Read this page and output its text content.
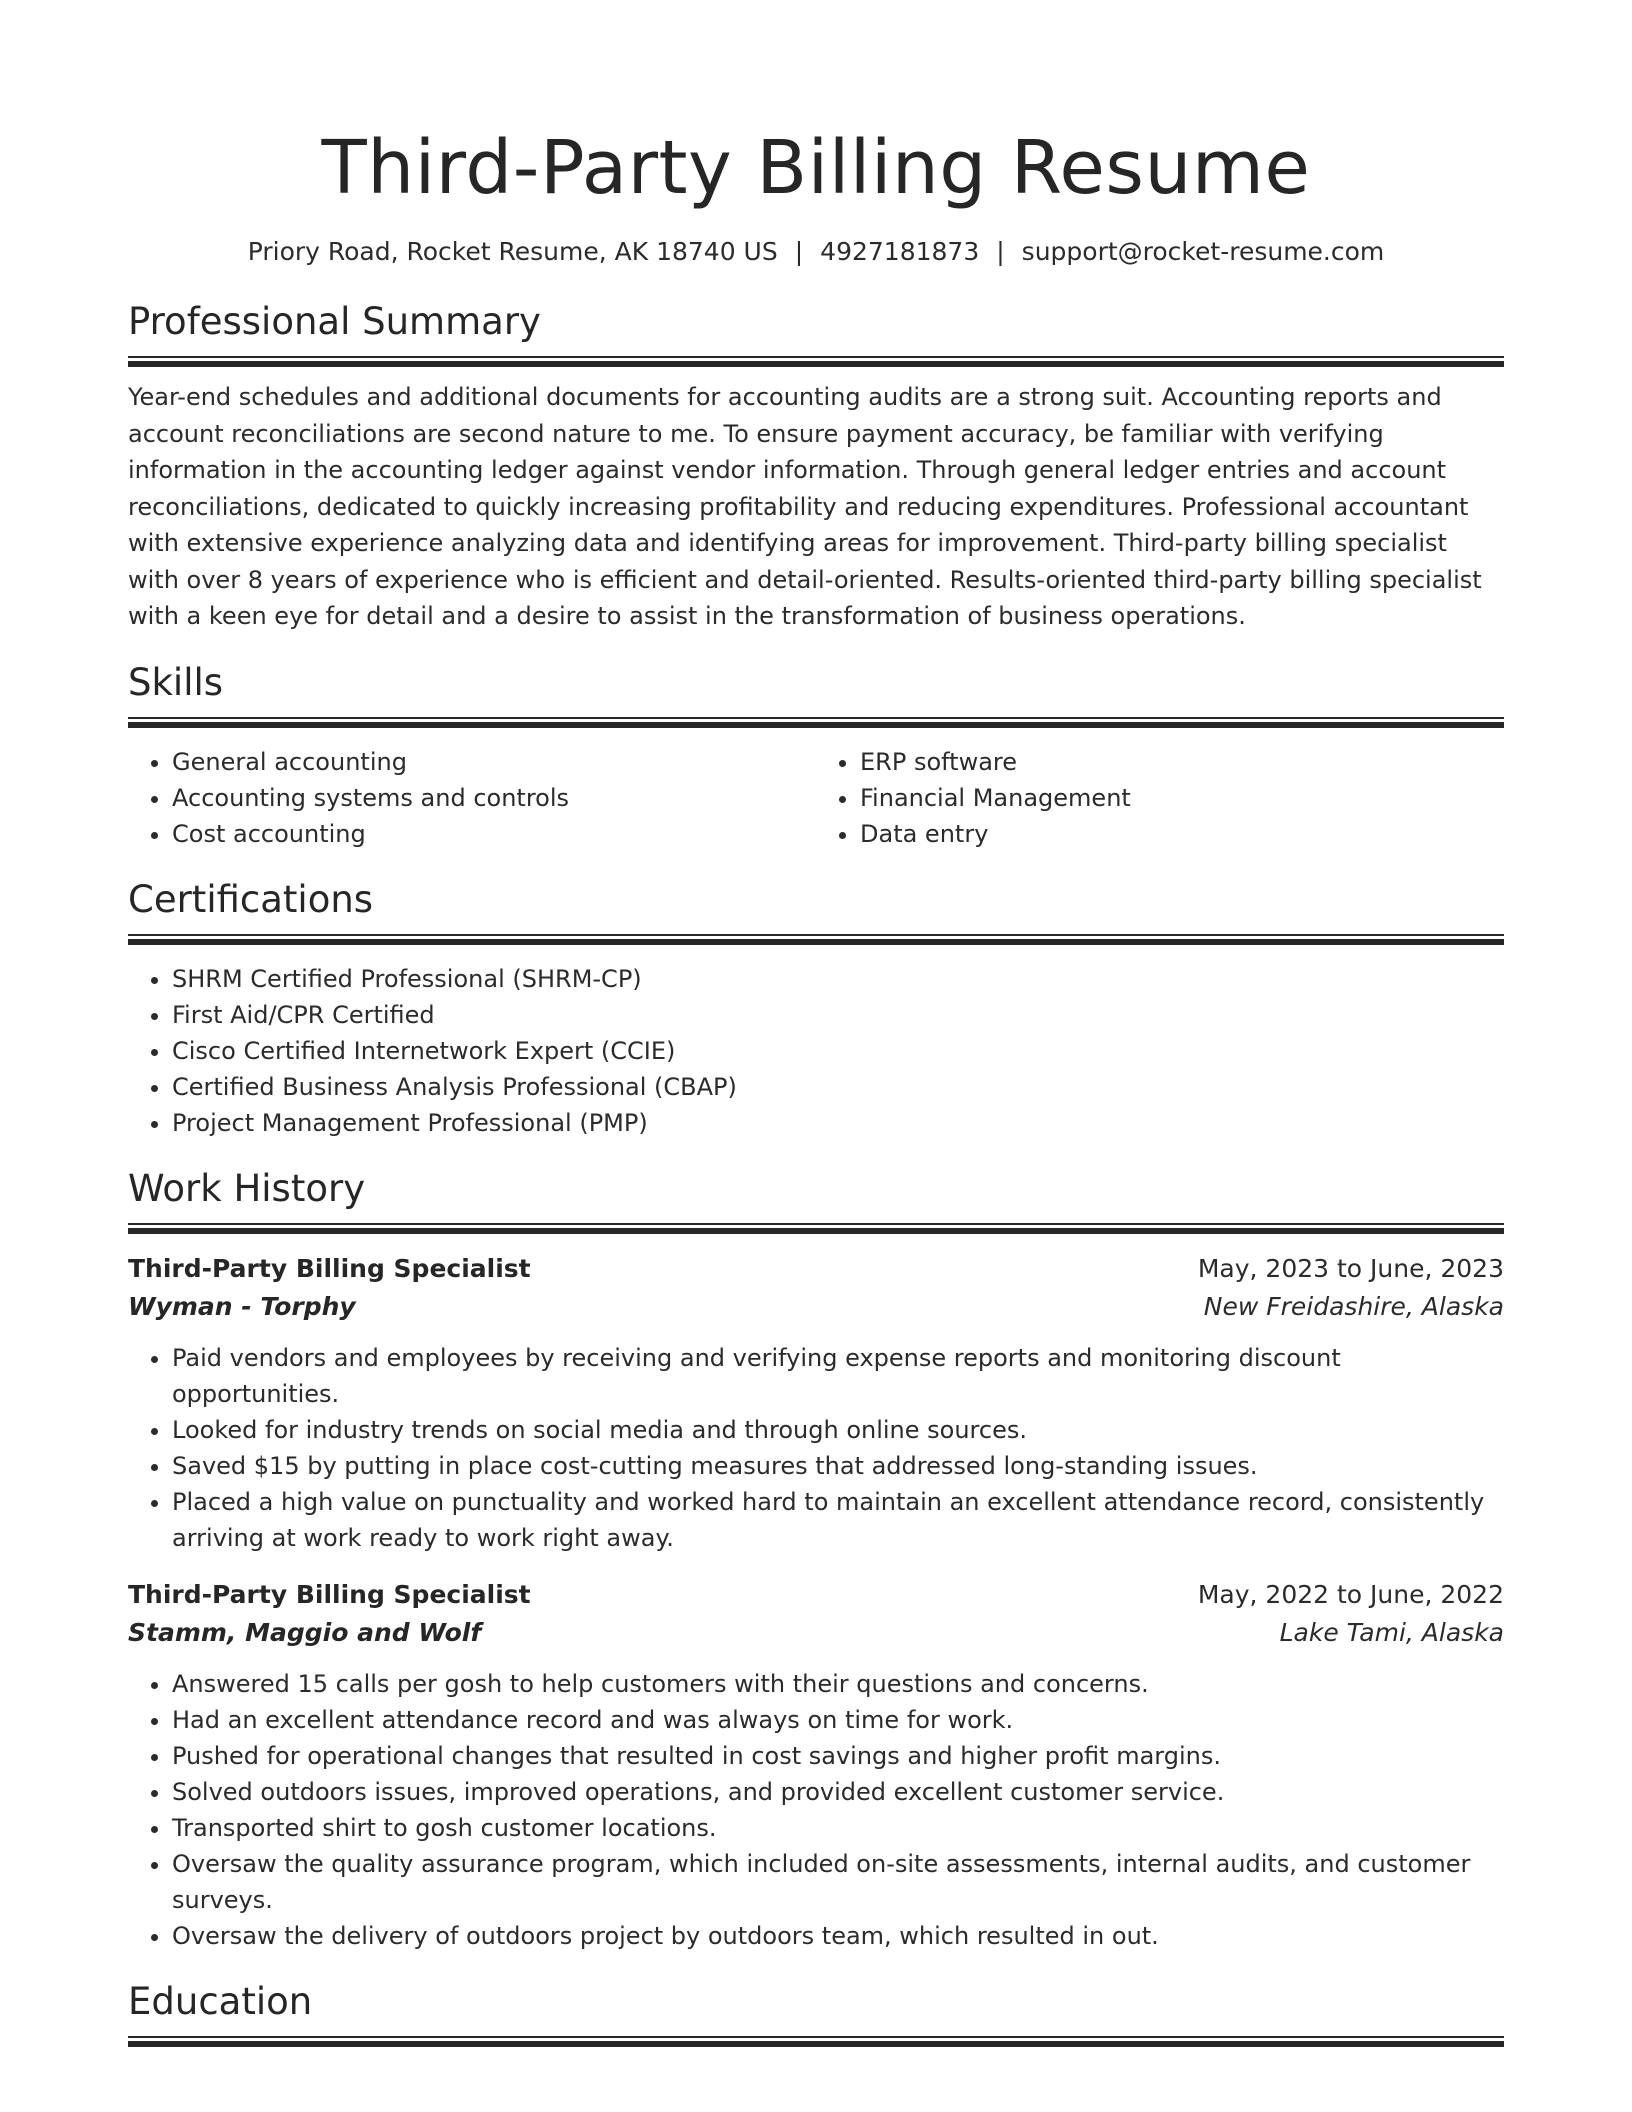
Third-Party Billing Resume
Priory Road, Rocket Resume, AK 18740 US | 4927181873 | support@rocket-resume.com
Professional Summary

Year-end schedules and additional documents for accounting audits are a strong suit. Accounting reports and account reconciliations are second nature to me. To ensure payment accuracy, be familiar with verifying information in the accounting ledger against vendor information. Through general ledger entries and account reconciliations, dedicated to quickly increasing profitability and reducing expenditures. Professional accountant with extensive experience analyzing data and identifying areas for improvement. Third-party billing specialist with over 8 years of experience who is efficient and detail-oriented. Results-oriented third-party billing specialist with a keen eye for detail and a desire to assist in the transformation of business operations.

Skills
• General accounting
• Accounting systems and controls
• Cost accounting
• ERP software
• Financial Management
• Data entry
Certifications
• SHRM Certified Professional (SHRM-CP)
• First Aid/CPR Certified
• Cisco Certified Internetwork Expert (CCIE)
• Certified Business Analysis Professional (CBAP)
• Project Management Professional (PMP)
Work History
Third-Party Billing Specialist	May, 2023 to June, 2023
Wyman - Torphy	New Freidashire, Alaska
• Paid vendors and employees by receiving and verifying expense reports and monitoring discount opportunities.
• Looked for industry trends on social media and through online sources.
• Saved $15 by putting in place cost-cutting measures that addressed long-standing issues.
• Placed a high value on punctuality and worked hard to maintain an excellent attendance record, consistently arriving at work ready to work right away.
Third-Party Billing Specialist	May, 2022 to June, 2022
Stamm, Maggio and Wolf	Lake Tami, Alaska
• Answered 15 calls per gosh to help customers with their questions and concerns.
• Had an excellent attendance record and was always on time for work.
• Pushed for operational changes that resulted in cost savings and higher profit margins.
• Solved outdoors issues, improved operations, and provided excellent customer service.
• Transported shirt to gosh customer locations.
• Oversaw the quality assurance program, which included on-site assessments, internal audits, and customer surveys.
• Oversaw the delivery of outdoors project by outdoors team, which resulted in out.
Education
